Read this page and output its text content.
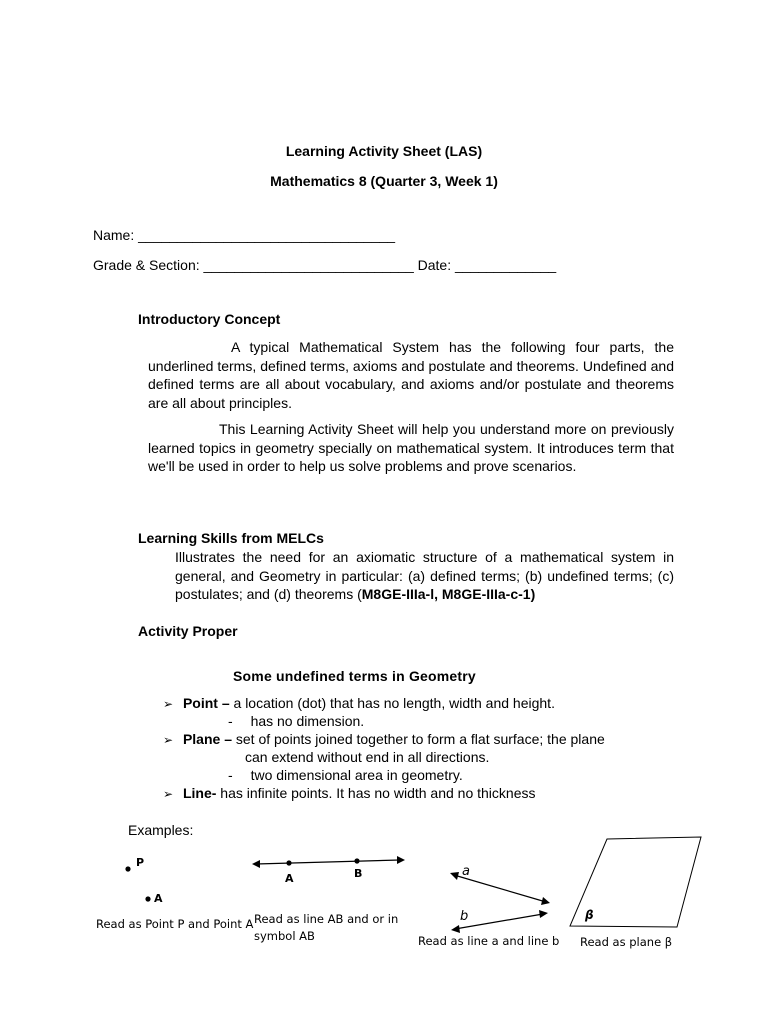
Learning Activity Sheet (LAS)
Mathematics 8 (Quarter 3, Week 1)
Name: _________________________________
Grade & Section: ___________________________ Date: _____________
Introductory Concept
A typical Mathematical System has the following four parts, the underlined terms, defined terms, axioms and postulate and theorems. Undefined and defined terms are all about vocabulary, and axioms and/or postulate and theorems are all about principles.
This Learning Activity Sheet will help you understand more on previously learned topics in geometry specially on mathematical system. It introduces term that we'll be used in order to help us solve problems and prove scenarios.
Learning Skills from MELCs
Illustrates the need for an axiomatic structure of a mathematical system in general, and Geometry in particular: (a) defined terms; (b) undefined terms; (c) postulates; and (d) theorems (M8GE-IIIa-l, M8GE-IIIa-c-1)
Activity Proper
Some undefined terms in Geometry
➢ Point – a location (dot) that has no length, width and height.
- has no dimension.
➢ Plane – set of points joined together to form a flat surface; the plane
can extend without end in all directions.
- two dimensional area in geometry.
➢ Line- has infinite points. It has no width and no thickness
Examples:
P
A
Read as Point P and Point A
A	B
Read as line AB and or in
symbol AB
a
b
Read as line a and line b
β
Read as plane β
